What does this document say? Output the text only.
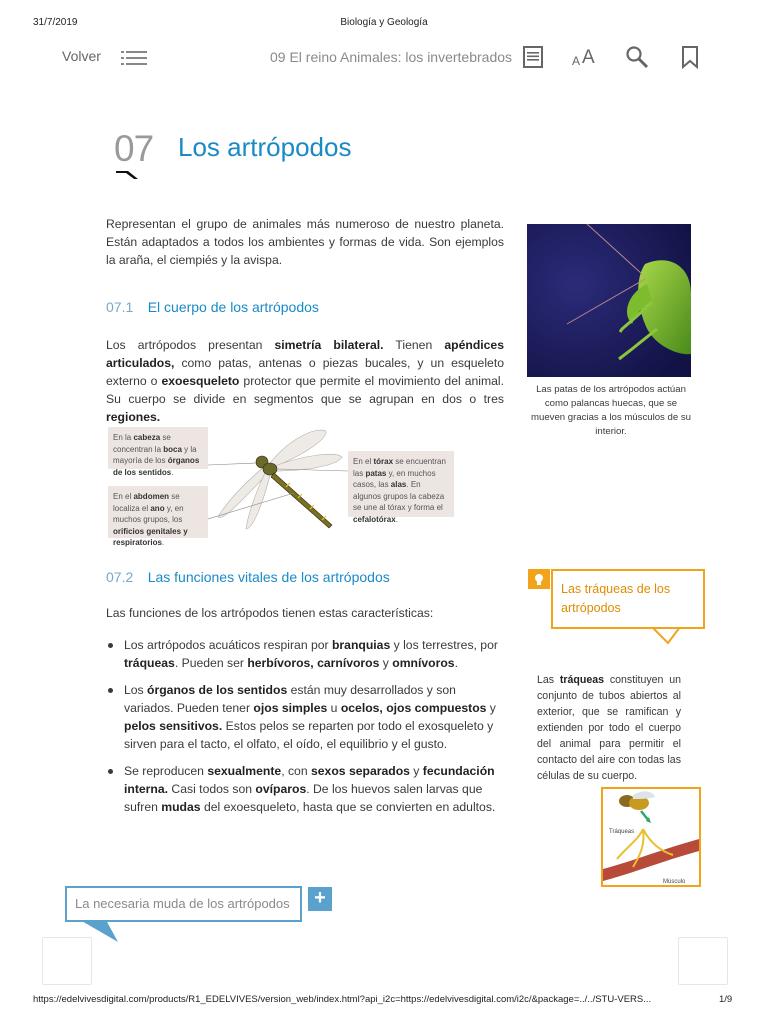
31/7/2019	Biología y Geología
Volver	09 El reino Animales: los invertebrados	A A
07 Los artrópodos

Representan el grupo de animales más numeroso de nuestro planeta. Están adaptados a todos los ambientes y formas de vida. Son ejemplos la araña, el ciempiés y la avispa.

07.1 El cuerpo de los artrópodos

Los artrópodos presentan simetría bilateral. Tienen apéndices articulados, como patas, antenas o piezas bucales, y un esqueleto externo o exoesqueleto protector que permite el movimiento del animal. Su cuerpo se divide en segmentos que se agrupan en dos o tres regiones.

Las patas de los artrópodos actúan como palancas huecas, que se mueven gracias a los músculos de su interior.

En la cabeza se concentran la boca y la mayoría de los órganos de los sentidos.
En el abdomen se localiza el ano y, en muchos grupos, los orificios genitales y respiratorios.
En el tórax se encuentran las patas y, en muchos casos, las alas. En algunos grupos la cabeza se une al tórax y forma el cefalotórax.
07.2 Las funciones vitales de los artrópodos

Las funciones de los artrópodos tienen estas características:

Los artrópodos acuáticos respiran por branquias y los terrestres, por tráqueas. Pueden ser herbívoros, carnívoros y omnívoros.
Los órganos de los sentidos están muy desarrollados y son variados. Pueden tener ojos simples u ocelos, ojos compuestos y pelos sensitivos. Estos pelos se reparten por todo el exosqueleto y sirven para el tacto, el olfato, el oído, el equilibrio y el gusto.
Se reproducen sexualmente, con sexos separados y fecundación interna. Casi todos son ovíparos. De los huevos salen larvas que sufren mudas del exoesqueleto, hasta que se convierten en adultos.
Las tráqueas de los artrópodos

Las tráqueas constituyen un conjunto de tubos abiertos al exterior, que se ramifican y extienden por todo el cuerpo del animal para permitir el contacto del aire con todas las células de su cuerpo.

Tráqueas
Músculo
La necesaria muda de los artrópodos	+
https://edelvivesdigital.com/products/R1_EDELVIVES/version_web/index.html?api_i2c=https://edelvivesdigital.com/i2c/&package=../../STU-VERS...	1/9
